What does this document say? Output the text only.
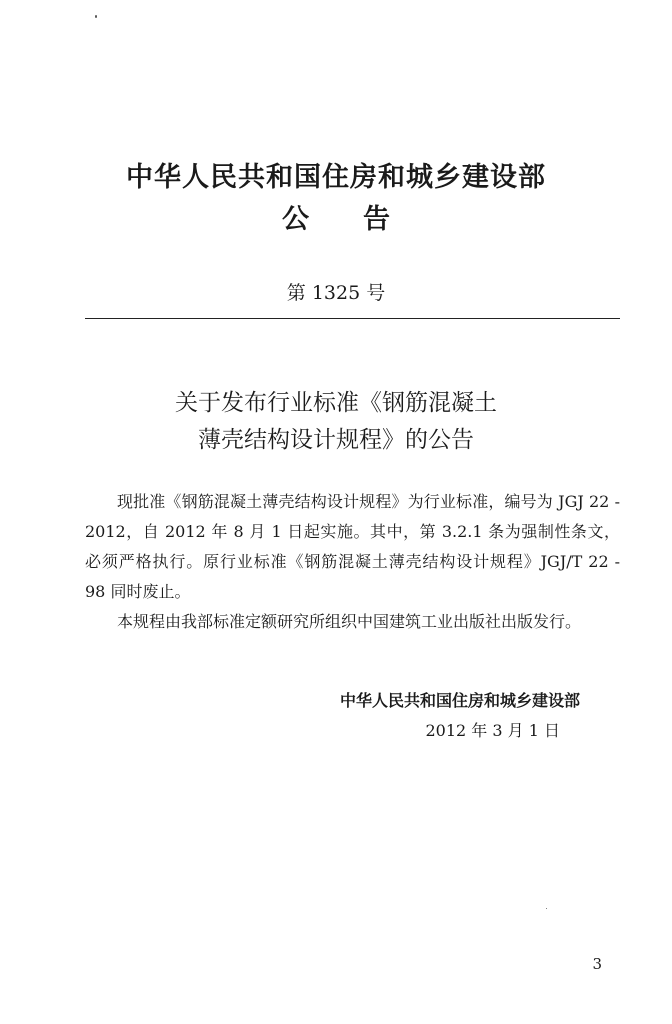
中华人民共和国住房和城乡建设部
公　　告
第 1325 号
关于发布行业标准《钢筋混凝土
薄壳结构设计规程》的公告

现批准《钢筋混凝土薄壳结构设计规程》为行业标准，编号为 JGJ 22 - 2012，自 2012 年 8 月 1 日起实施。其中，第 3.2.1 条为强制性条文，必须严格执行。原行业标准《钢筋混凝土薄壳结构设计规程》JGJ/T 22 - 98 同时废止。

本规程由我部标准定额研究所组织中国建筑工业出版社出版发行。

中华人民共和国住房和城乡建设部
2012 年 3 月 1 日
3
